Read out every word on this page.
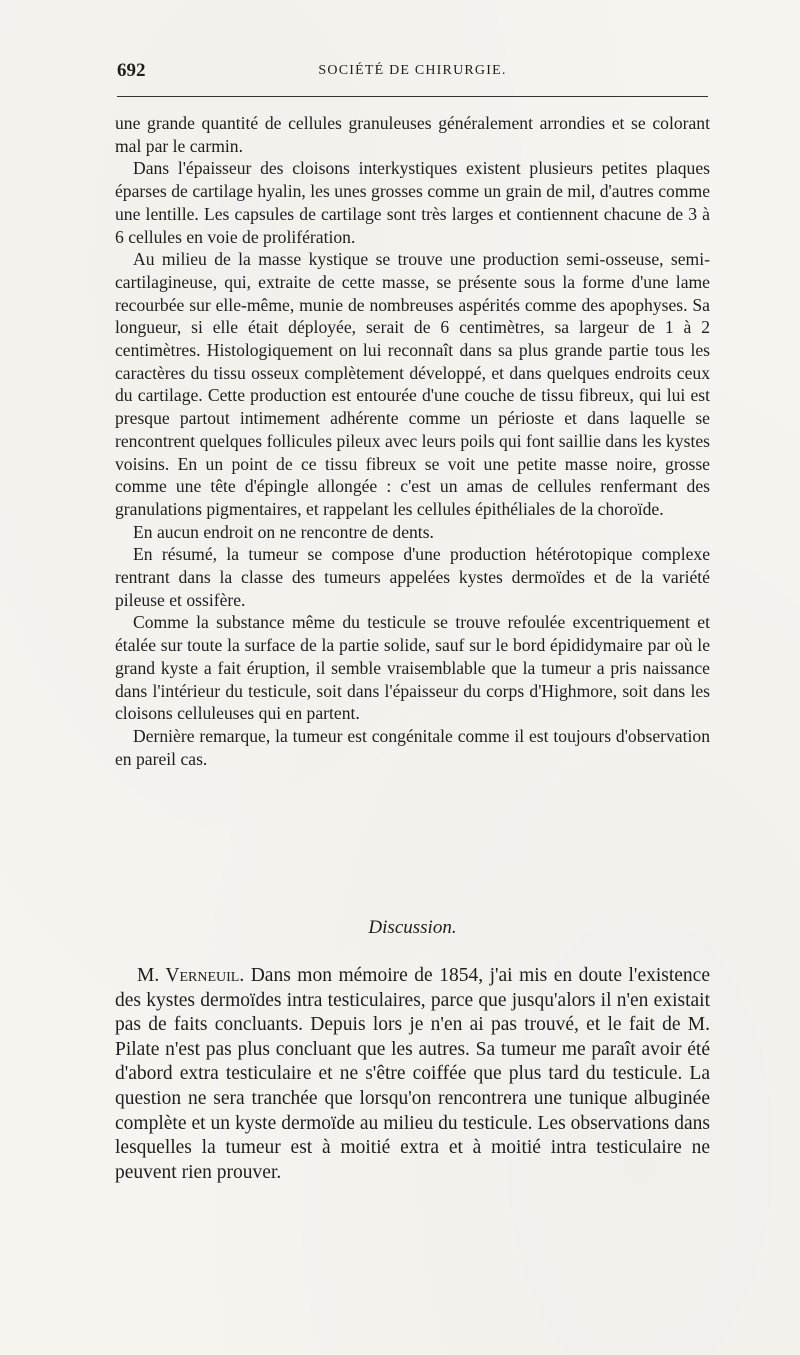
692	SOCIÉTÉ DE CHIRURGIE.

une grande quantité de cellules granuleuses généralement arrondies et se colorant mal par le carmin.

Dans l'épaisseur des cloisons interkystiques existent plusieurs petites plaques éparses de cartilage hyalin, les unes grosses comme un grain de mil, d'autres comme une lentille. Les capsules de cartilage sont très larges et contiennent chacune de 3 à 6 cellules en voie de prolifération.

Au milieu de la masse kystique se trouve une production semi-osseuse, semi-cartilagineuse, qui, extraite de cette masse, se présente sous la forme d'une lame recourbée sur elle-même, munie de nombreuses aspérités comme des apophyses. Sa longueur, si elle était déployée, serait de 6 centimètres, sa largeur de 1 à 2 centimètres. Histologiquement on lui reconnaît dans sa plus grande partie tous les caractères du tissu osseux complètement développé, et dans quelques endroits ceux du cartilage. Cette production est entourée d'une couche de tissu fibreux, qui lui est presque partout intimement adhérente comme un périoste et dans laquelle se rencontrent quelques follicules pileux avec leurs poils qui font saillie dans les kystes voisins. En un point de ce tissu fibreux se voit une petite masse noire, grosse comme une tête d'épingle allongée : c'est un amas de cellules renfermant des granulations pigmentaires, et rappelant les cellules épithéliales de la choroïde.

En aucun endroit on ne rencontre de dents.

En résumé, la tumeur se compose d'une production hétérotopique complexe rentrant dans la classe des tumeurs appelées kystes dermoïdes et de la variété pileuse et ossifère.

Comme la substance même du testicule se trouve refoulée excentriquement et étalée sur toute la surface de la partie solide, sauf sur le bord épididymaire par où le grand kyste a fait éruption, il semble vraisemblable que la tumeur a pris naissance dans l'intérieur du testicule, soit dans l'épaisseur du corps d'Highmore, soit dans les cloisons celluleuses qui en partent.

Dernière remarque, la tumeur est congénitale comme il est toujours d'observation en pareil cas.

Discussion.

M. Verneuil. Dans mon mémoire de 1854, j'ai mis en doute l'existence des kystes dermoïdes intra testiculaires, parce que jusqu'alors il n'en existait pas de faits concluants. Depuis lors je n'en ai pas trouvé, et le fait de M. Pilate n'est pas plus concluant que les autres. Sa tumeur me paraît avoir été d'abord extra testiculaire et ne s'être coiffée que plus tard du testicule. La question ne sera tranchée que lorsqu'on rencontrera une tunique albuginée complète et un kyste dermoïde au milieu du testicule. Les observations dans lesquelles la tumeur est à moitié extra et à moitié intra testiculaire ne peuvent rien prouver.
